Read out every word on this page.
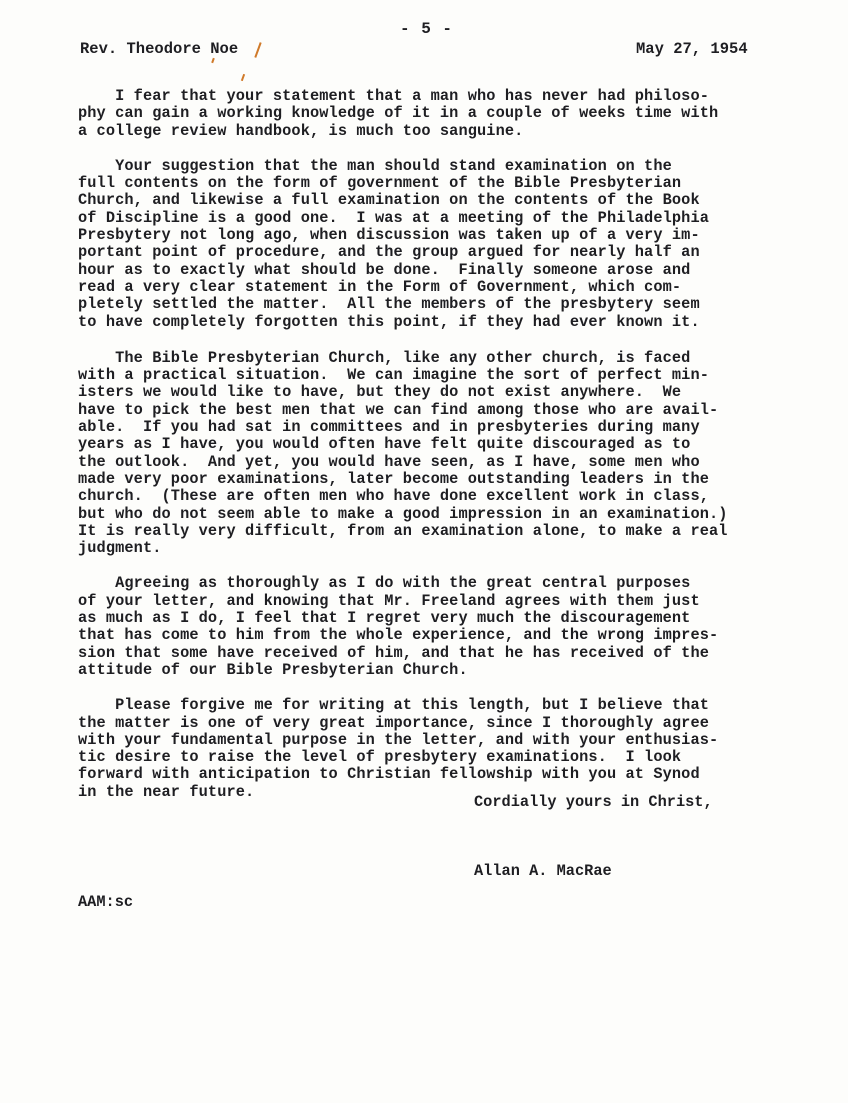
- 5 -
Rev. Theodore Noe	May 27, 1954

I fear that your statement that a man who has never had philoso-
phy can gain a working knowledge of it in a couple of weeks time with
a college review handbook, is much too sanguine.

Your suggestion that the man should stand examination on the
full contents on the form of government of the Bible Presbyterian
Church, and likewise a full examination on the contents of the Book
of Discipline is a good one.  I was at a meeting of the Philadelphia
Presbytery not long ago, when discussion was taken up of a very im-
portant point of procedure, and the group argued for nearly half an
hour as to exactly what should be done.  Finally someone arose and
read a very clear statement in the Form of Government, which com-
pletely settled the matter.  All the members of the presbytery seem
to have completely forgotten this point, if they had ever known it.

The Bible Presbyterian Church, like any other church, is faced
with a practical situation.  We can imagine the sort of perfect min-
isters we would like to have, but they do not exist anywhere.  We
have to pick the best men that we can find among those who are avail-
able.  If you had sat in committees and in presbyteries during many
years as I have, you would often have felt quite discouraged as to
the outlook.  And yet, you would have seen, as I have, some men who
made very poor examinations, later become outstanding leaders in the
church.  (These are often men who have done excellent work in class,
but who do not seem able to make a good impression in an examination.)
It is really very difficult, from an examination alone, to make a real
judgment.

Agreeing as thoroughly as I do with the great central purposes
of your letter, and knowing that Mr. Freeland agrees with them just
as much as I do, I feel that I regret very much the discouragement
that has come to him from the whole experience, and the wrong impres-
sion that some have received of him, and that he has received of the
attitude of our Bible Presbyterian Church.

Please forgive me for writing at this length, but I believe that
the matter is one of very great importance, since I thoroughly agree
with your fundamental purpose in the letter, and with your enthusias-
tic desire to raise the level of presbytery examinations.  I look
forward with anticipation to Christian fellowship with you at Synod
in the near future.

Cordially yours in Christ,
Allan A. MacRae
AAM:sc
